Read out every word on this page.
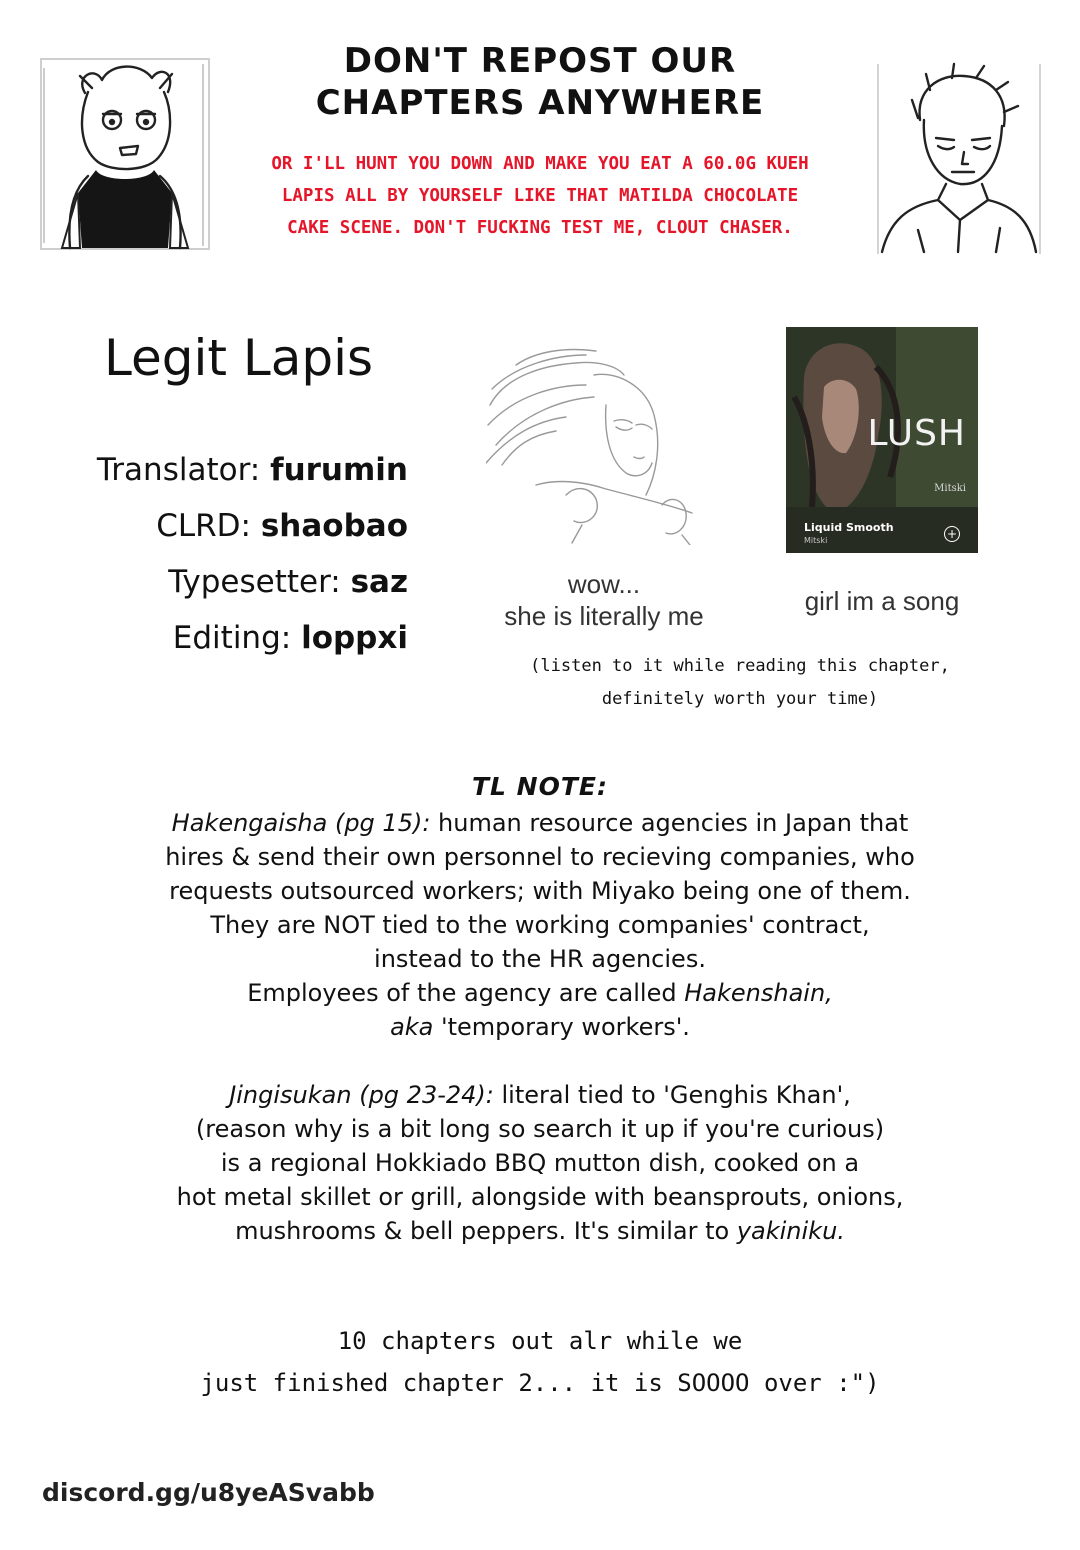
DON'T REPOST OUR
CHAPTERS ANYWHERE
OR I'LL HUNT YOU DOWN AND MAKE YOU EAT A 60.0G KUEH
LAPIS ALL BY YOURSELF LIKE THAT MATILDA CHOCOLATE
CAKE SCENE. DON'T FUCKING TEST ME, CLOUT CHASER.
Legit Lapis
Translator: furumin
CLRD: shaobao
Typesetter: saz
Editing: loppxi
wow...
she is literally me
LUSH
Mitski
Liquid Smooth
Mitski	+
girl im a song
(listen to it while reading this chapter,
definitely worth your time)
TL NOTE:
Hakengaisha (pg 15): human resource agencies in Japan that
hires & send their own personnel to recieving companies, who
requests outsourced workers; with Miyako being one of them.
They are NOT tied to the working companies' contract,
instead to the HR agencies.
Employees of the agency are called Hakenshain,
aka 'temporary workers'.
Jingisukan (pg 23-24): literal tied to 'Genghis Khan',
(reason why is a bit long so search it up if you're curious)
is a regional Hokkiado BBQ mutton dish, cooked on a
hot metal skillet or grill, alongside with beansprouts, onions,
mushrooms & bell peppers. It's similar to yakiniku.
10 chapters out alr while we
just finished chapter 2... it is SOOOO over :")
discord.gg/u8yeASvabb
